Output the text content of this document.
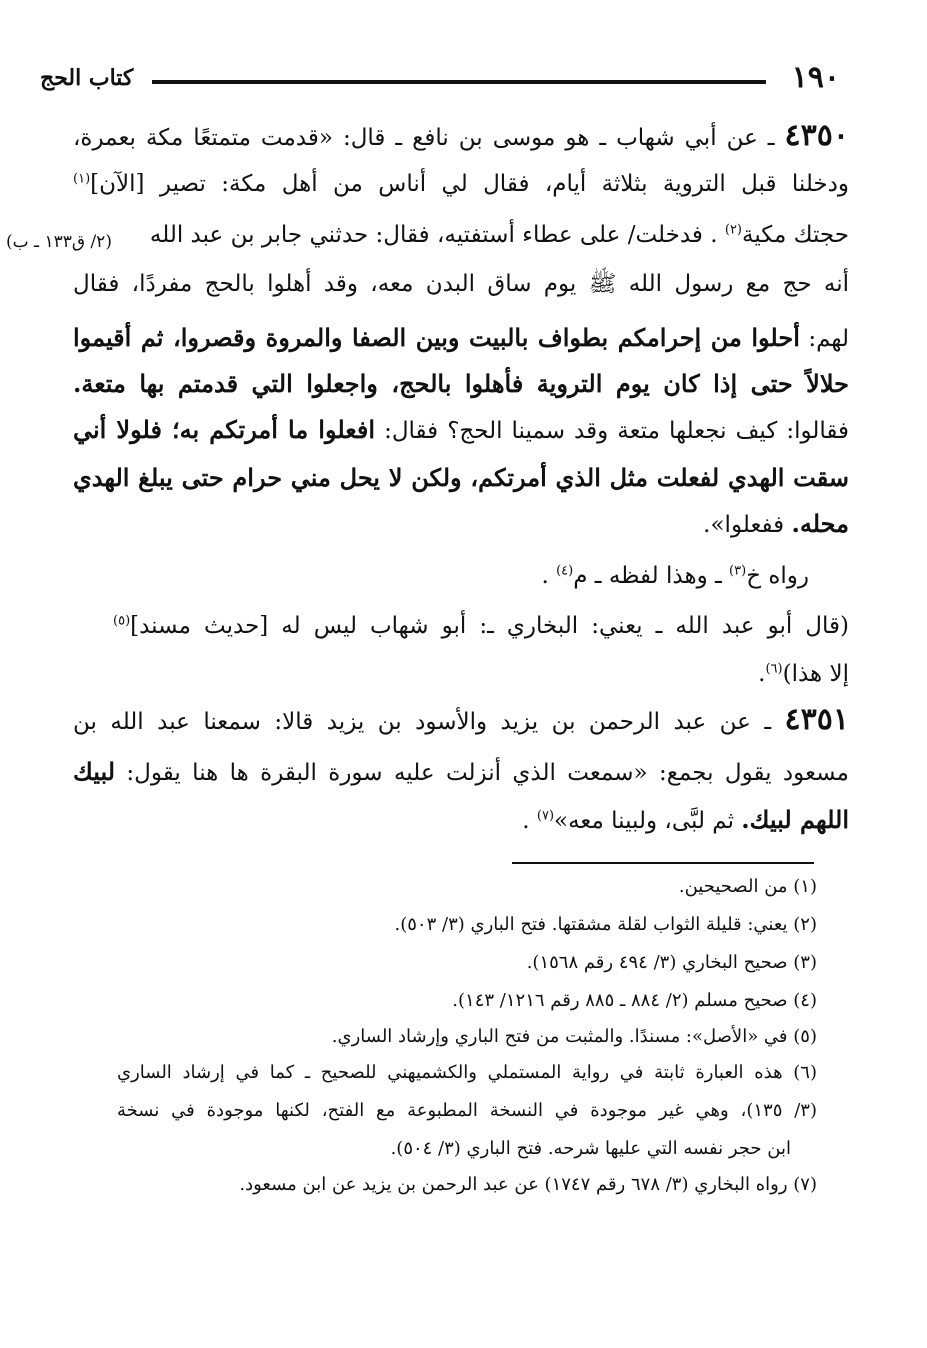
١٩٠
كتاب الحج
٤٣٥٠ ـ عن أبي شهاب ـ هو موسى بن نافع ـ قال: «قدمت متمتعًا مكة بعمرة،
ودخلنا قبل التروية بثلاثة أيام، فقال لي أناس من أهل مكة: تصير [الآن]$^{(١)}$
حجتك مكية$^{(٢)}$ . فدخلت/ على عطاء أستفتيه، فقال: حدثني جابر بن عبد الله
(٢/ ق١٣٣ ـ ب)
أنه حج مع رسول الله ﷺ يوم ساق البدن معه، وقد أهلوا بالحج مفردًا، فقال
لهم: أحلوا من إحرامكم بطواف بالبيت وبين الصفا والمروة وقصروا، ثم أقيموا
حلالاً حتى إذا كان يوم التروية فأهلوا بالحج، واجعلوا التي قدمتم بها متعة.
فقالوا: كيف نجعلها متعة وقد سمينا الحج؟ فقال: افعلوا ما أمرتكم به؛ فلولا أني
سقت الهدي لفعلت مثل الذي أمرتكم، ولكن لا يحل مني حرام حتى يبلغ الهدي
محله. ففعلوا».
رواه خ$^{(٣)}$ ـ وهذا لفظه ـ م$^{(٤)}$ .
(قال أبو عبد الله ـ يعني: البخاري ـ: أبو شهاب ليس له [حديث مسند]$^{(٥)}$
إلا هذا)$^{(٦)}$.
٤٣٥١ ـ عن عبد الرحمن بن يزيد والأسود بن يزيد قالا: سمعنا عبد الله بن
مسعود يقول بجمع: «سمعت الذي أنزلت عليه سورة البقرة ها هنا يقول: لبيك
اللهم لبيك. ثم لبَّى، ولبينا معه»$^{(٧)}$ .
(١) من الصحيحين.
(٢) يعني: قليلة الثواب لقلة مشقتها. فتح الباري (٣/ ٥٠٣).
(٣) صحيح البخاري (٣/ ٤٩٤ رقم ١٥٦٨).
(٤) صحيح مسلم (٢/ ٨٨٤ ـ ٨٨٥ رقم ١٢١٦/ ١٤٣).
(٥) في «الأصل»: مسندًا. والمثبت من فتح الباري وإرشاد الساري.
(٦) هذه العبارة ثابتة في رواية المستملي والكشميهني للصحيح ـ كما في إرشاد الساري
(٣/ ١٣٥)، وهي غير موجودة في النسخة المطبوعة مع الفتح، لكنها موجودة في نسخة
ابن حجر نفسه التي عليها شرحه. فتح الباري (٣/ ٥٠٤).
(٧) رواه البخاري (٣/ ٦٧٨ رقم ١٧٤٧) عن عبد الرحمن بن يزيد عن ابن مسعود.
